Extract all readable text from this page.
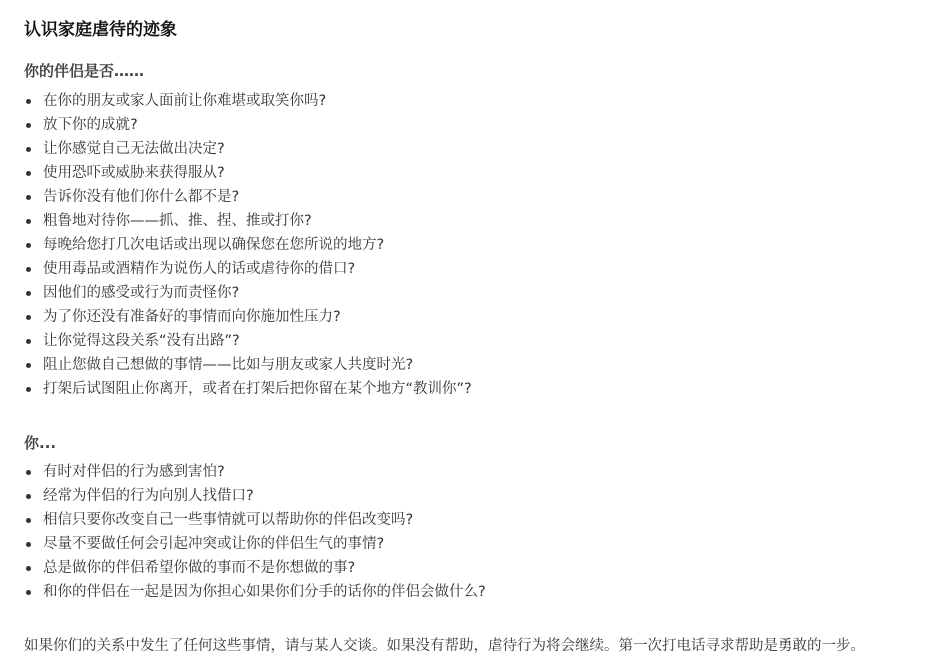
认识家庭虐待的迹象
你的伴侣是否……
在你的朋友或家人面前让你难堪或取笑你吗?
放下你的成就?
让你感觉自己无法做出决定?
使用恐吓或威胁来获得服从?
告诉你没有他们你什么都不是?
粗鲁地对待你——抓、推、捏、推或打你?
每晚给您打几次电话或出现以确保您在您所说的地方?
使用毒品或酒精作为说伤人的话或虐待你的借口?
因他们的感受或行为而责怪你?
为了你还没有准备好的事情而向你施加性压力?
让你觉得这段关系“没有出路”?
阻止您做自己想做的事情——比如与朋友或家人共度时光?
打架后试图阻止你离开，或者在打架后把你留在某个地方“教训你”?
你...
有时对伴侣的行为感到害怕?
经常为伴侣的行为向别人找借口?
相信只要你改变自己一些事情就可以帮助你的伴侣改变吗?
尽量不要做任何会引起冲突或让你的伴侣生气的事情?
总是做你的伴侣希望你做的事而不是你想做的事?
和你的伴侣在一起是因为你担心如果你们分手的话你的伴侣会做什么?

如果你们的关系中发生了任何这些事情，请与某人交谈。如果没有帮助，虐待行为将会继续。第一次打电话寻求帮助是勇敢的一步。
